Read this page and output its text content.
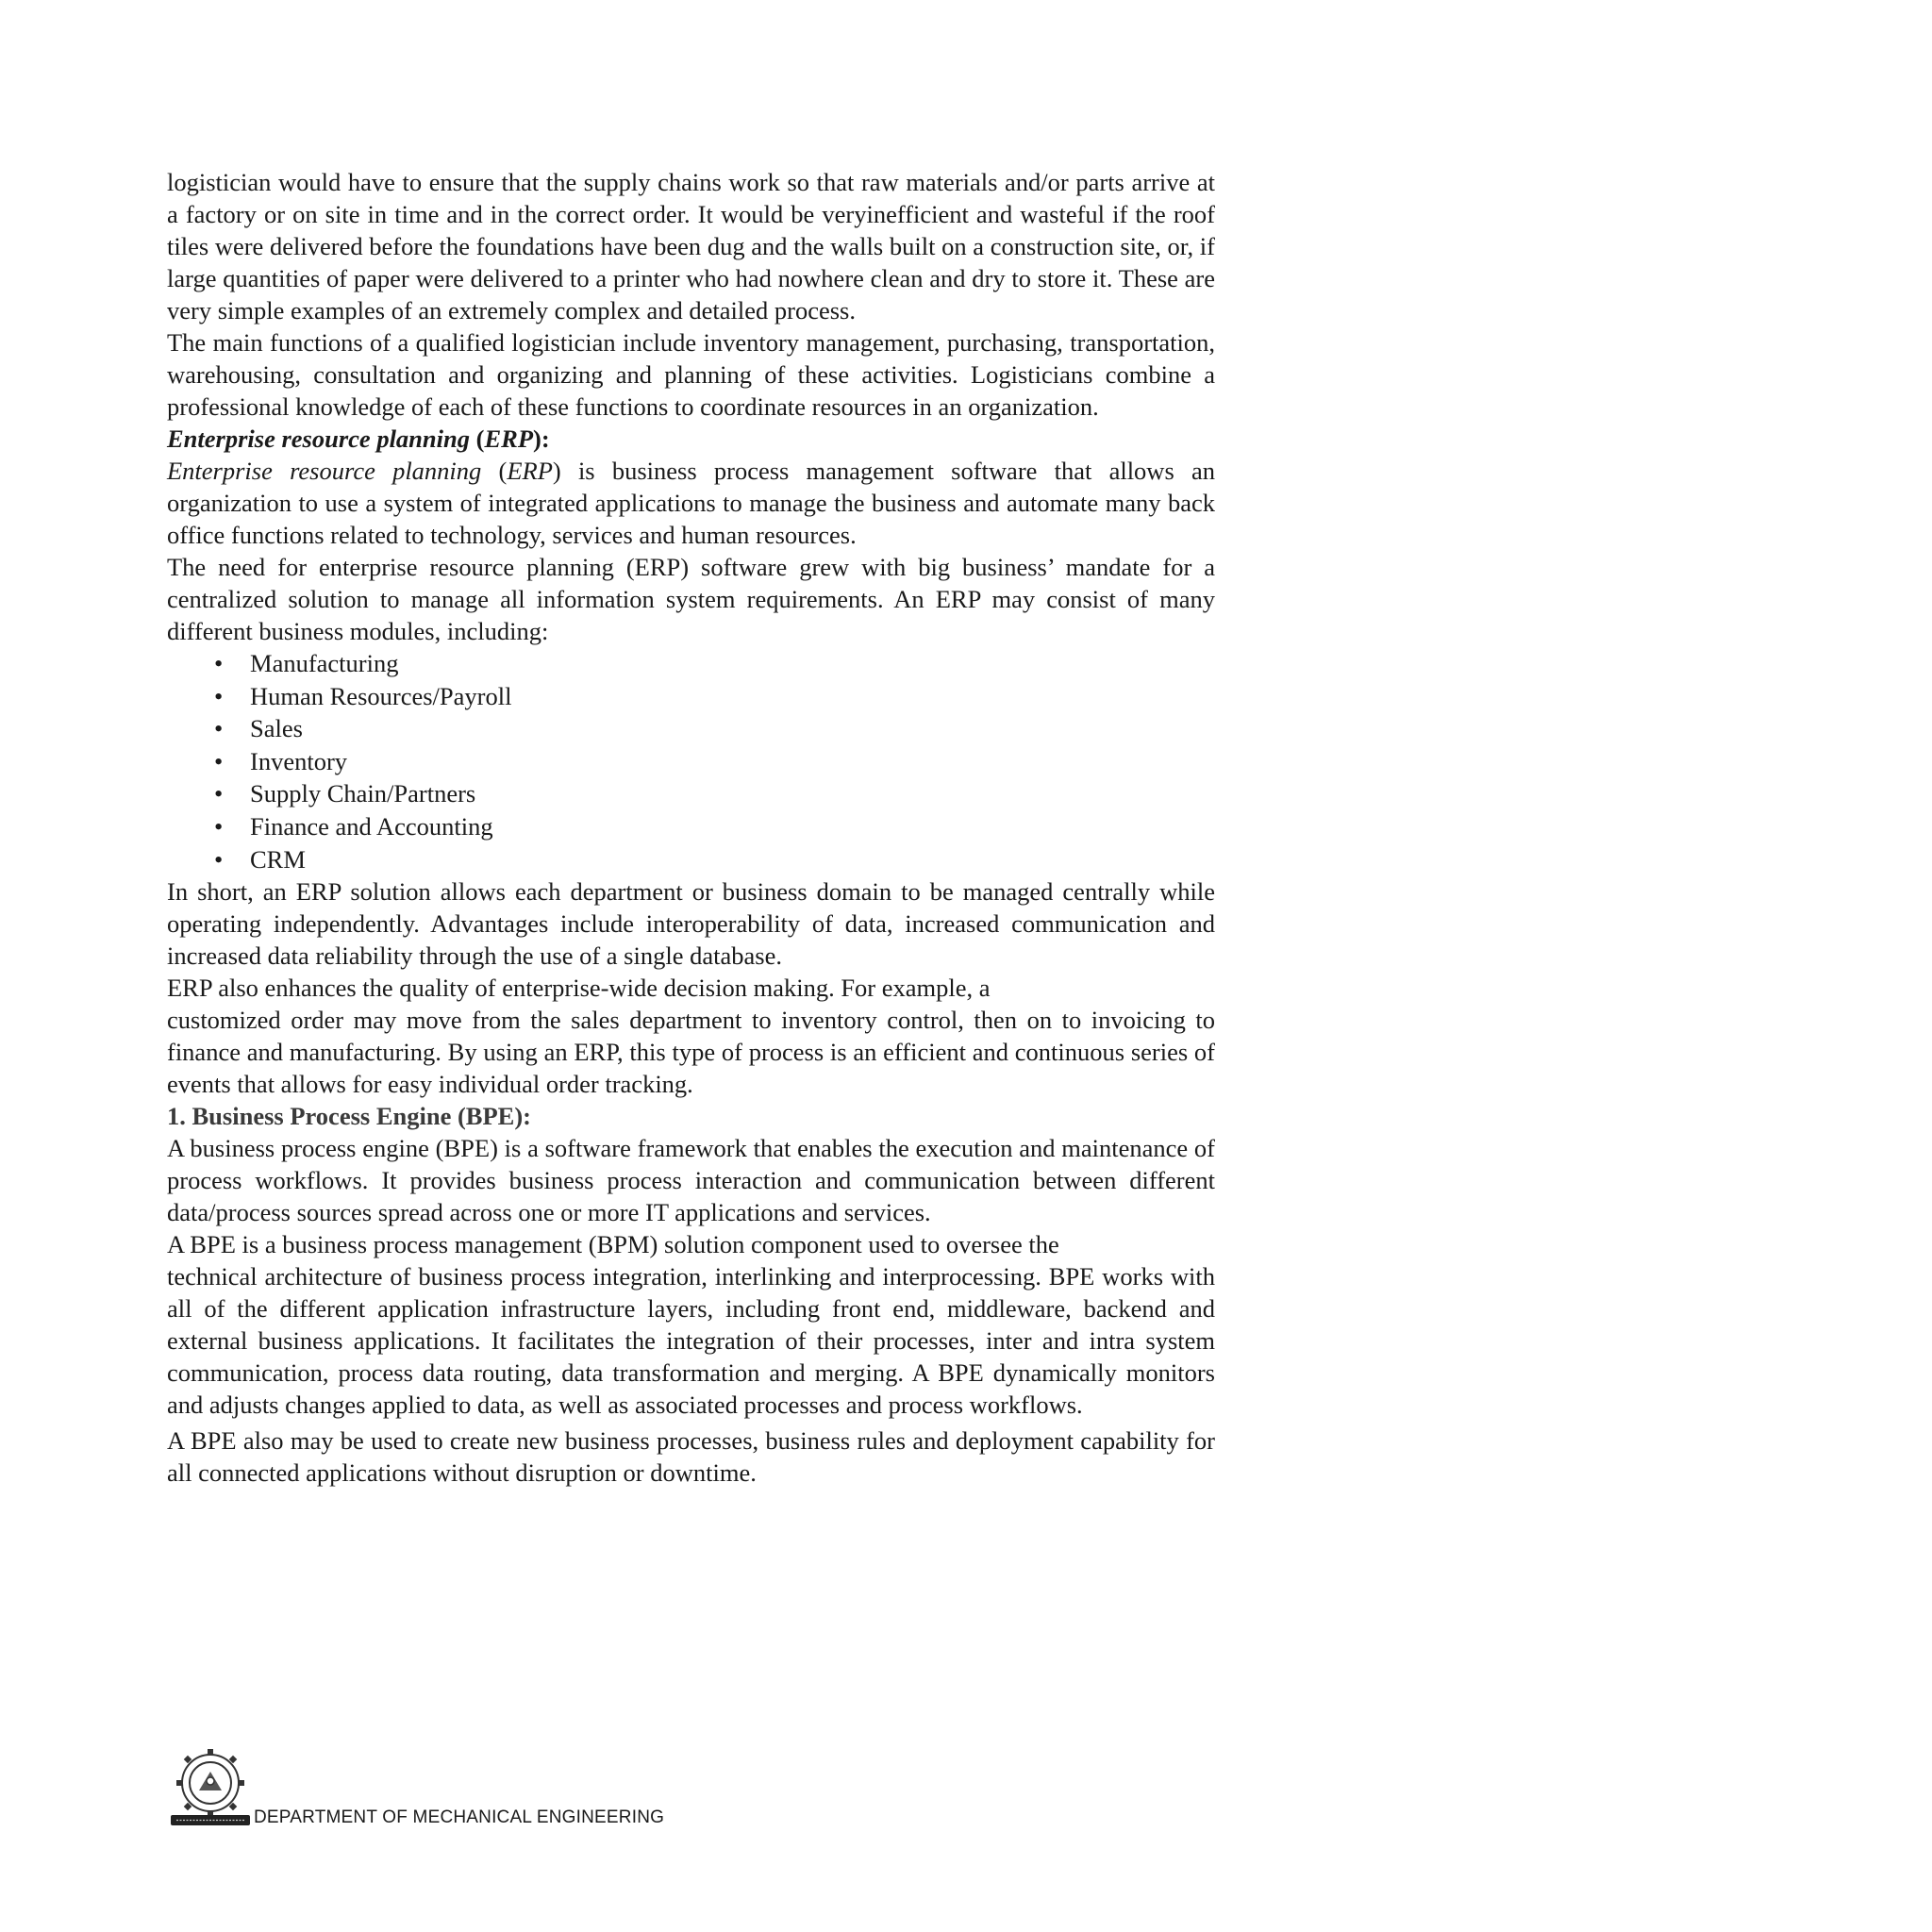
logistician would have to ensure that the supply chains work so that raw materials and/or parts arrive at a factory or on site in time and in the correct order. It would be veryinefficient and wasteful if the roof tiles were delivered before the foundations have been dug and the walls built on a construction site, or, if large quantities of paper were delivered to a printer who had nowhere clean and dry to store it. These are very simple examples of an extremely complex and detailed process.

The main functions of a qualified logistician include inventory management, purchasing, transportation, warehousing, consultation and organizing and planning of these activities. Logisticians combine a professional knowledge of each of these functions to coordinate resources in an organization.

Enterprise resource planning (ERP):

Enterprise resource planning (ERP) is business process management software that allows an organization to use a system of integrated applications to manage the business and automate many back office functions related to technology, services and human resources.

The need for enterprise resource planning (ERP) software grew with big business’ mandate for a centralized solution to manage all information system requirements. An ERP may consist of many different business modules, including:

• Manufacturing
• Human Resources/Payroll
• Sales
• Inventory
• Supply Chain/Partners
• Finance and Accounting
• CRM

In short, an ERP solution allows each department or business domain to be managed centrally while operating independently. Advantages include interoperability of data, increased communication and increased data reliability through the use of a single database.

ERP also enhances the quality of enterprise-wide decision making. For example, a

customized order may move from the sales department to inventory control, then on to invoicing to finance and manufacturing. By using an ERP, this type of process is an efficient and continuous series of events that allows for easy individual order tracking.

1. Business Process Engine (BPE):

A business process engine (BPE) is a software framework that enables the execution and maintenance of process workflows. It provides business process interaction and communication between different data/process sources spread across one or more IT applications and services.

A BPE is a business process management (BPM) solution component used to oversee the

technical architecture of business process integration, interlinking and interprocessing. BPE works with all of the different application infrastructure layers, including front end, middleware, backend and external business applications. It facilitates the integration of their processes, inter and intra system communication, process data routing, data transformation and merging. A BPE dynamically monitors and adjusts changes applied to data, as well as associated processes and process workflows.

A BPE also may be used to create new business processes, business rules and deployment capability for all connected applications without disruption or downtime.

DEPARTMENT OF MECHANICAL ENGINEERING
